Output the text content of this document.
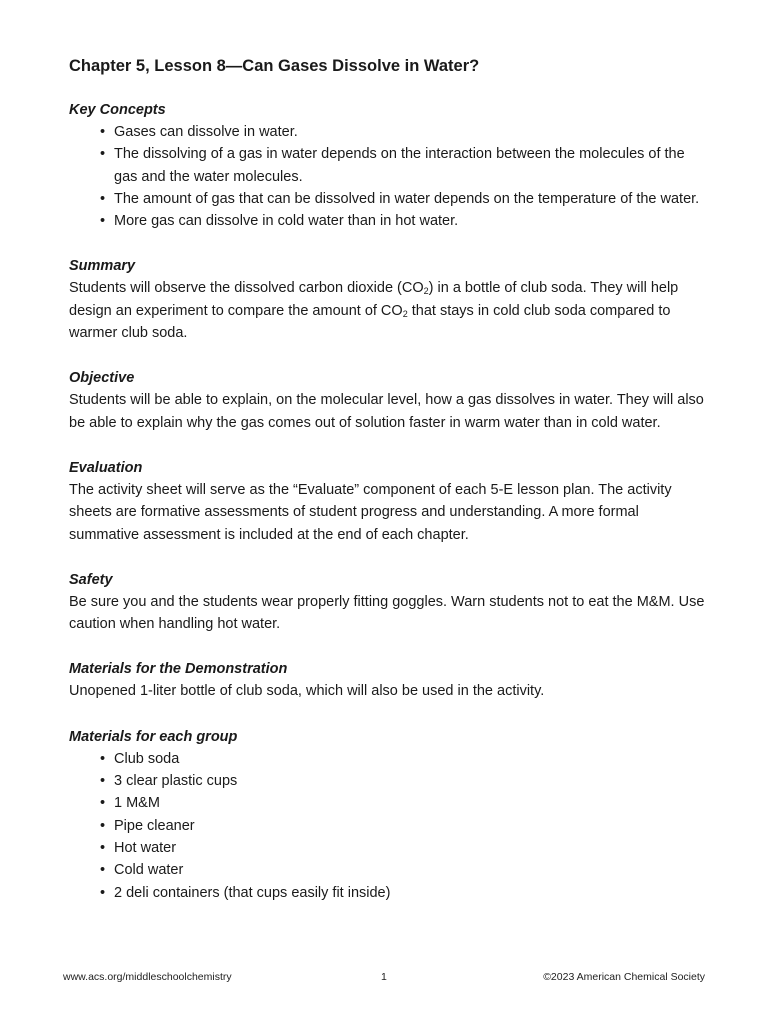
Chapter 5, Lesson 8—Can Gases Dissolve in Water?
Key Concepts
• Gases can dissolve in water.
• The dissolving of a gas in water depends on the interaction between the molecules of the gas and the water molecules.
• The amount of gas that can be dissolved in water depends on the temperature of the water.
• More gas can dissolve in cold water than in hot water.
Summary

Students will observe the dissolved carbon dioxide $(CO_2)$ in a bottle of club soda. They will help design an experiment to compare the amount of $CO_2$ that stays in cold club soda compared to warmer club soda.

Objective

Students will be able to explain, on the molecular level, how a gas dissolves in water. They will also be able to explain why the gas comes out of solution faster in warm water than in cold water.

Evaluation

The activity sheet will serve as the “Evaluate” component of each 5-E lesson plan. The activity sheets are formative assessments of student progress and understanding. A more formal summative assessment is included at the end of each chapter.

Safety

Be sure you and the students wear properly fitting goggles. Warn students not to eat the M&M. Use caution when handling hot water.

Materials for the Demonstration

Unopened 1-liter bottle of club soda, which will also be used in the activity.

Materials for each group
• Club soda
• 3 clear plastic cups
• 1 M&M
• Pipe cleaner
• Hot water
• Cold water
• 2 deli containers (that cups easily fit inside)
www.acs.org/middleschoolchemistry	1	©2023 American Chemical Society
